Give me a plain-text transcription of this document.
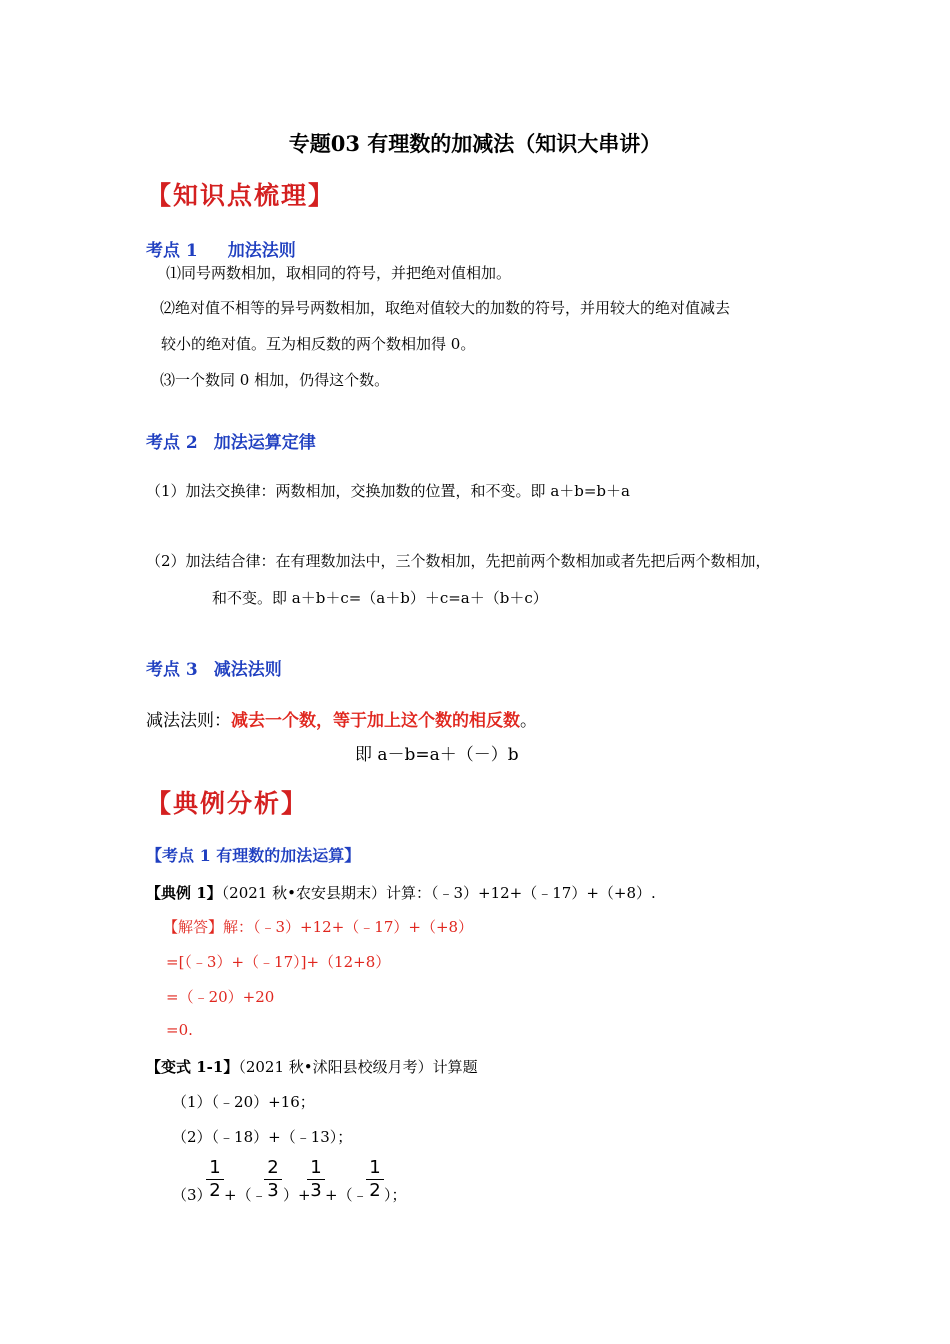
专题03 有理数的加减法（知识大串讲）
【知识点梳理】
考点 1 加法法则
⑴同号两数相加，取相同的符号，并把绝对值相加。
⑵绝对值不相等的异号两数相加，取绝对值较大的加数的符号，并用较大的绝对值减去
较小的绝对值。互为相反数的两个数相加得 0。
⑶一个数同 0 相加，仍得这个数。
考点 2 加法运算定律
（1）加法交换律：两数相加，交换加数的位置，和不变。即 a＋b=b＋a
（2）加法结合律：在有理数加法中，三个数相加，先把前两个数相加或者先把后两个数相加，
和不变。即 a＋b＋c=（a＋b）＋c=a＋（b＋c）
考点 3 减法法则
减法法则：减去一个数，等于加上这个数的相反数。
即 a－b=a＋（－）b
【典例分析】
【考点 1 有理数的加法运算】
【典例 1】（2021 秋•农安县期末）计算：（﹣3）+12+（﹣17）+（+8）.
【解答】解：（﹣3）+12+（﹣17）+（+8）
=[（﹣3）+（﹣17）]+（12+8）
=（﹣20）+20
=0.
【变式 1-1】（2021 秋•沭阳县校级月考）计算题
（1）（﹣20）+16；
（2）（﹣18）+（﹣13）；
（3）
1
2 +（﹣
2
3 ）+
1
3 +（﹣
1
2 ）；
